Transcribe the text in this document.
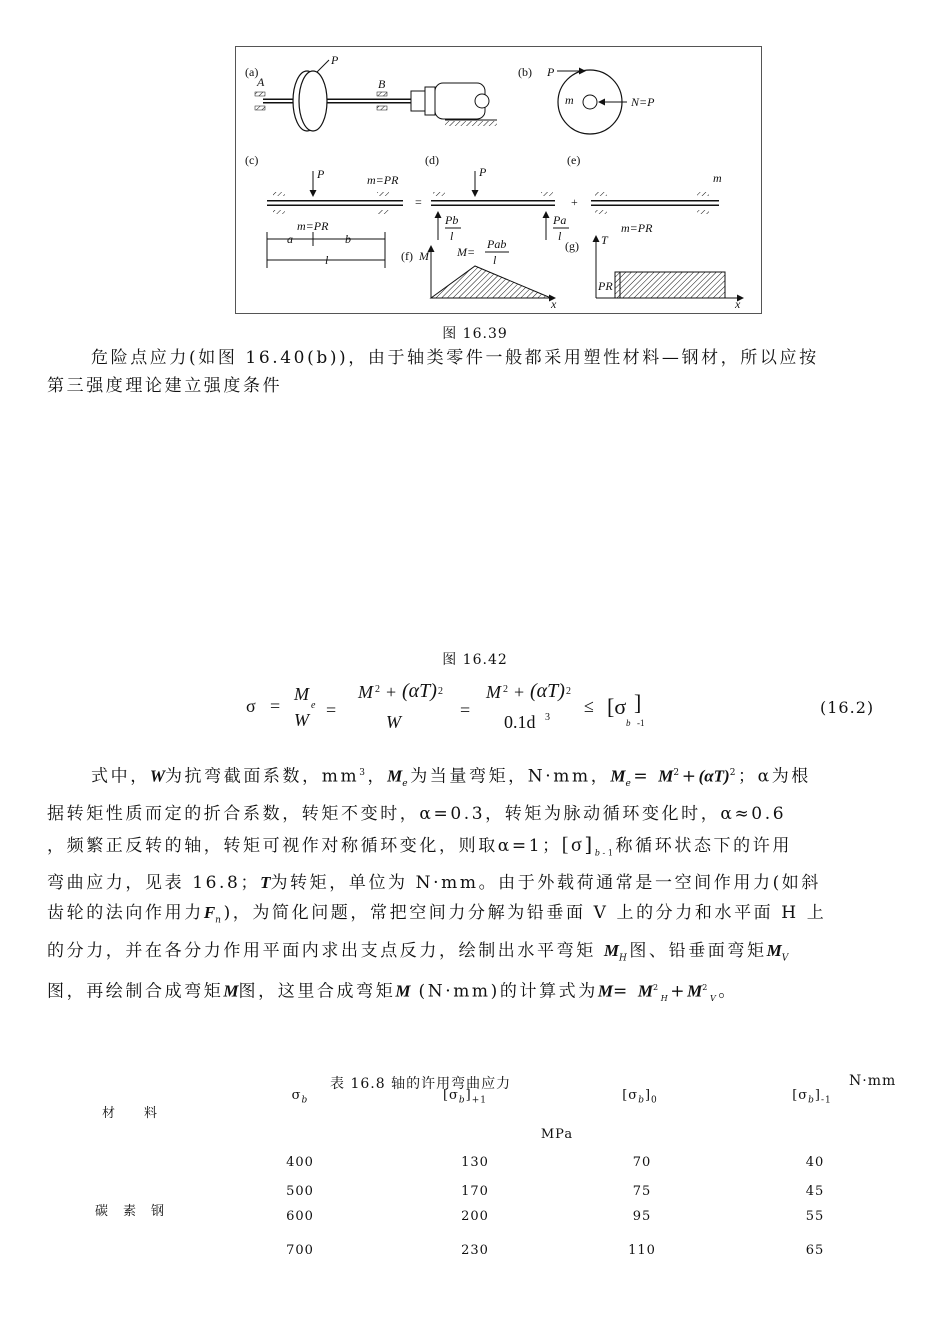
(a)
A	B
P
(b) P
m	N=P
(c)
P	m=PR
m=PR
a	b
l
=
(d)
P
Pb
l
Pa
l
+
(e)
m
m=PR
(f) M
x
M=
Pab
l
(g) T
x
PR
图 16.39

危险点应力(如图 16.40(b))，由于轴类零件一般都采用塑性材料—钢材，所以应按
第三强度理论建立强度条件

图 16.42
σ =
M
e
W =
M 2 + (αT) 2
W
=
M 2 + (αT) 2
0.1d 3
≤ [σ ]
b -1
(16.2)
式中，W为抗弯截面系数，$mm^3$，$M_e$为当量弯矩，N·mm，$M_e= M^2+(\alpha T)^2$；α为根
据转矩性质而定的折合系数，转矩不变时，α=0.3，转矩为脉动循环变化时，α≈0.6
，频繁正反转的轴，转矩可视作对称循环变化，则取α=1；$[\sigma]_{b-1}$称循环状态下的许用
弯曲应力，见表 16.8；T为转矩，单位为 N·mm。由于外载荷通常是一空间作用力(如斜
齿轮的法向作用力$F_n$)，为简化问题，常把空间力分解为铅垂面 V 上的分力和水平面 H 上
的分力，并在各分力作用平面内求出支点反力，绘制出水平弯矩 $M_H$图、铅垂面弯矩$M_V$
图，再绘制合成弯矩M图，这里合成弯矩M (N·mm)的计算式为$M= M^2_H+M^2_V$。
表 16.8 轴的许用弯曲应力	N·mm
材　　料
$\sigma_b$	$[\sigma_b]_{+1}$	$[\sigma_b]_0$	$[\sigma_b]_{-1}$
MPa
碳　素　钢
400	130	70	40
500	170	75	45
600	200	95	55
700	230	110	65
